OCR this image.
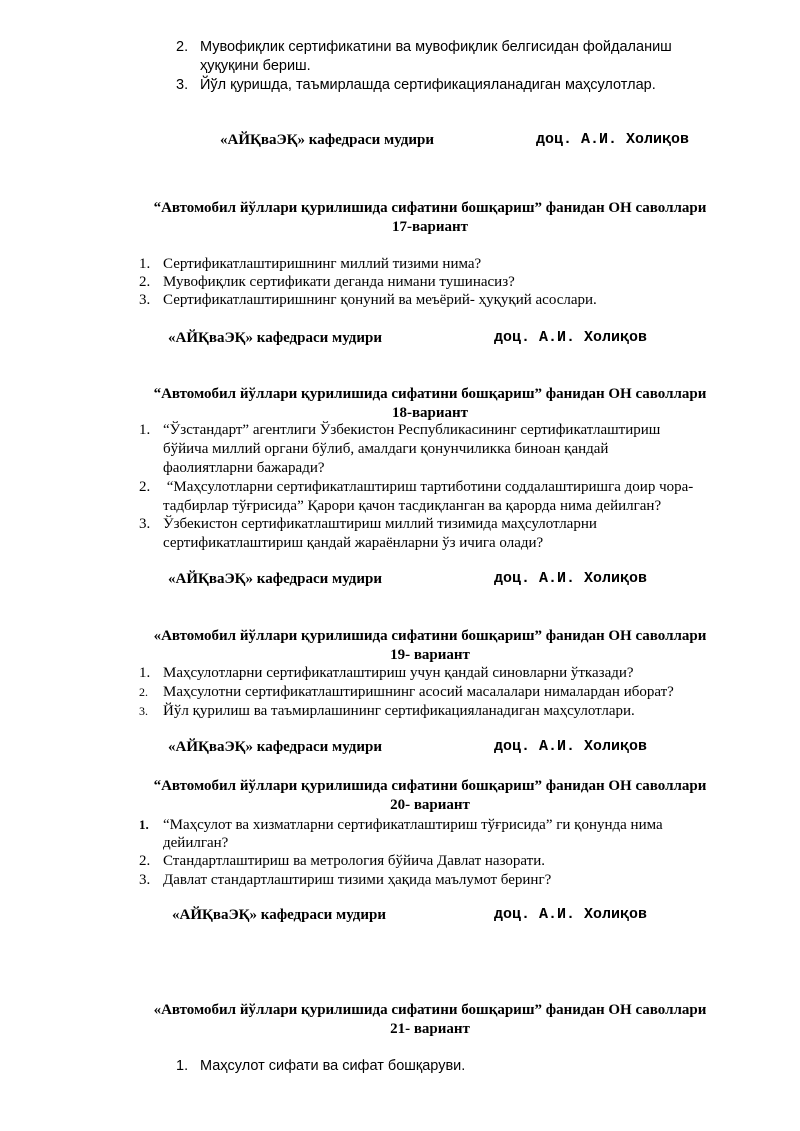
2. Мувофиқлик сертификатини ва мувофиқлик белгисидан фойдаланиш
ҳуқуқини бериш.
3. Йўл қуришда, таъмирлашда сертификацияланадиган маҳсулотлар.
«АЙҚваЭҚ» кафедраси мудири	доц. А.И. Холиқов
“Автомобил йўллари қурилишида сифатини бошқариш” фанидан ОН саволлари
17-вариант
1. Сертификатлаштиришнинг миллий тизими нима?
2. Мувофиқлик сертификати деганда нимани тушинасиз?
3. Сертификатлаштиришнинг қонуний ва меъёрий- ҳуқуқий асослари.
«АЙҚваЭҚ» кафедраси мудири	доц. А.И. Холиқов
“Автомобил йўллари қурилишида сифатини бошқариш” фанидан ОН саволлари
18-вариант
1. “Ўзстандарт” агентлиги Ўзбекистон Республикасининг сертификатлаштириш
бўйича миллий органи бўлиб, амалдаги қонунчиликка биноан қандай
фаолиятларни бажаради?
2. “Маҳсулотларни сертификатлаштириш тартиботини соддалаштиришга доир чора-
тадбирлар тўғрисида” Қарори қачон тасдиқланган ва қарорда нима дейилган?
3. Ўзбекистон сертификатлаштириш миллий тизимида маҳсулотларни
сертификатлаштириш қандай жараёнларни ўз ичига олади?
«АЙҚваЭҚ» кафедраси мудири	доц. А.И. Холиқов
«Автомобил йўллари қурилишида сифатини бошқариш” фанидан ОН саволлари
19- вариант
1. Маҳсулотларни сертификатлаштириш учун қандай синовларни ўтказади?
2. Маҳсулотни сертификатлаштиришнинг асосий масалалари нималардан иборат?
3. Йўл қурилиш ва таъмирлашининг сертификацияланадиган маҳсулотлари.
«АЙҚваЭҚ» кафедраси мудири	доц. А.И. Холиқов
“Автомобил йўллари қурилишида сифатини бошқариш” фанидан ОН саволлари
20- вариант
1. “Маҳсулот ва хизматларни сертификатлаштириш тўғрисида” ги қонунда нима
дейилган?
2. Стандартлаштириш ва метрология бўйича Давлат назорати.
3. Давлат стандартлаштириш тизими ҳақида маълумот беринг?
«АЙҚваЭҚ» кафедраси мудири	доц. А.И. Холиқов
«Автомобил йўллари қурилишида сифатини бошқариш” фанидан ОН саволлари
21- вариант
1. Маҳсулот сифати ва сифат бошқаруви.
